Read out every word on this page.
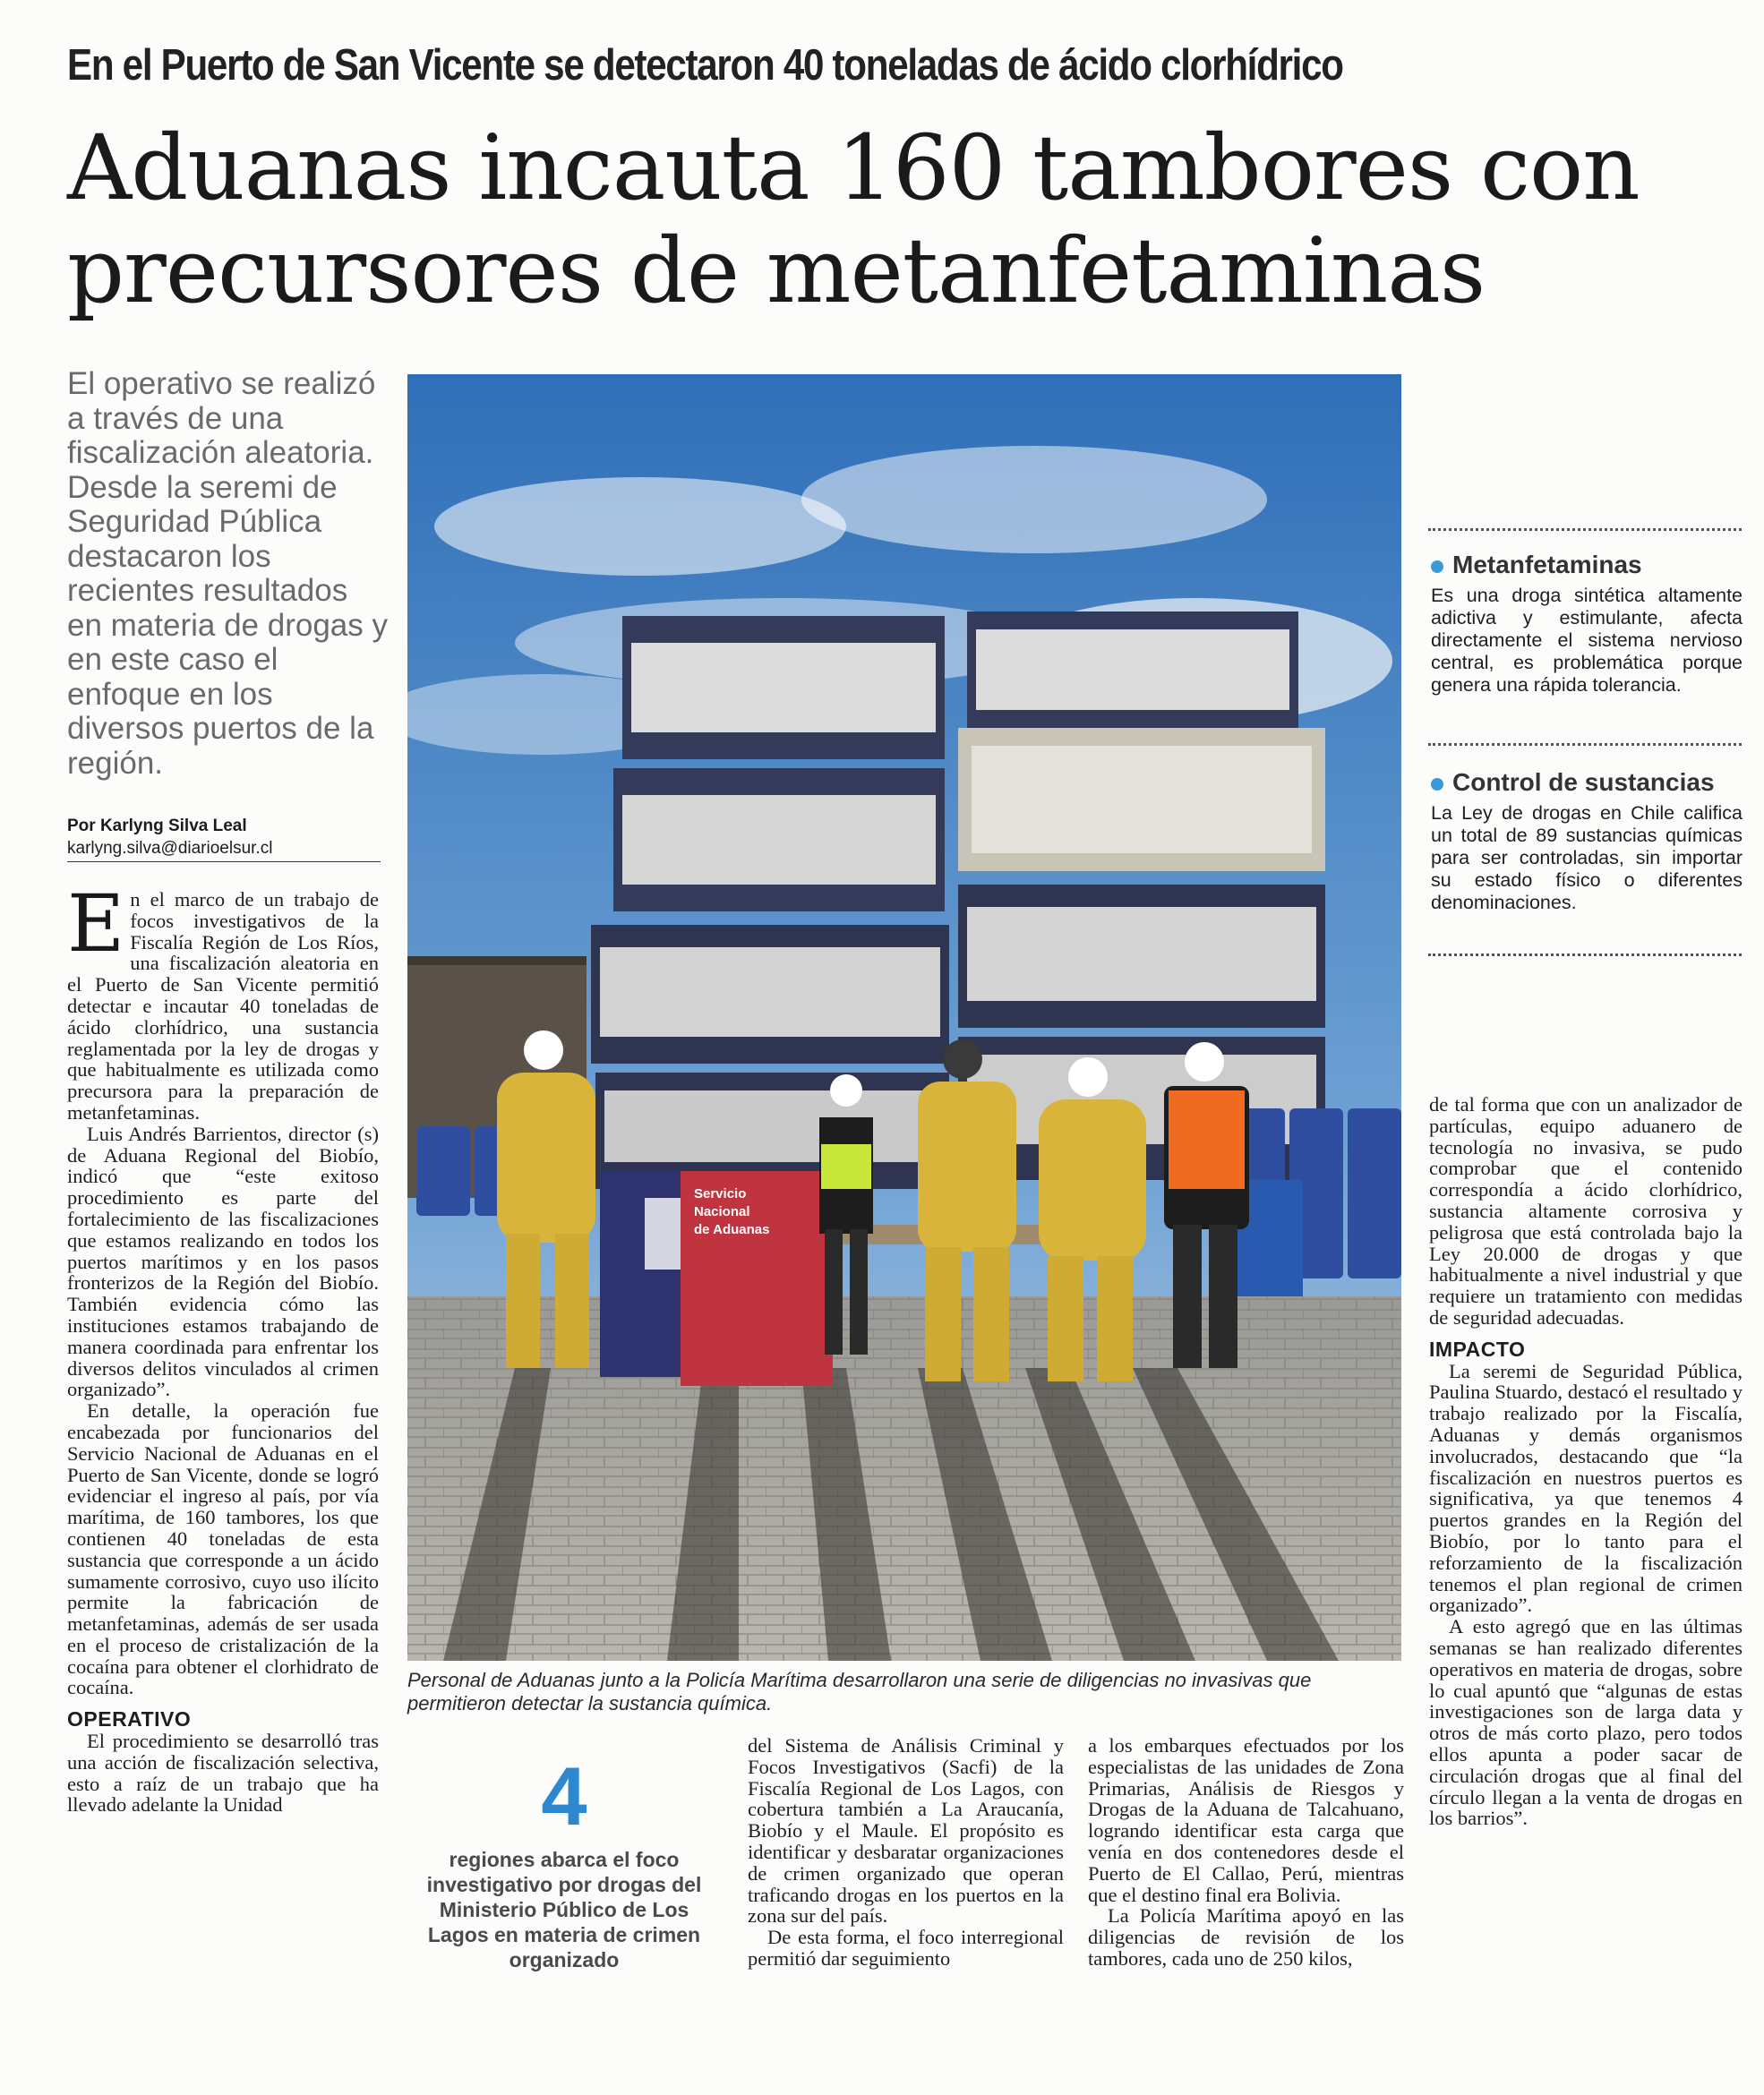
En el Puerto de San Vicente se detectaron 40 toneladas de ácido clorhídrico
Aduanas incauta 160 tambores con
precursores de metanfetaminas
El operativo se realizó a través de una fiscalización aleatoria. Desde la seremi de Seguridad Pública destacaron los recientes resultados en materia de drogas y en este caso el enfoque en los diversos puertos de la región.
Por Karlyng Silva Leal
karlyng.silva@diarioelsur.cl

En el marco de un trabajo de focos investigativos de la Fiscalía Región de Los Ríos, una fiscalización aleatoria en el Puerto de San Vicente permitió detectar e incautar 40 toneladas de ácido clorhídrico, una sustancia reglamentada por la ley de drogas y que habitualmente es utilizada como precursora para la preparación de metanfetaminas.

Luis Andrés Barrientos, director (s) de Aduana Regional del Biobío, indicó que “este exitoso procedimiento es parte del fortalecimiento de las fiscalizaciones que estamos realizando en todos los puertos marítimos y en los pasos fronterizos de la Región del Biobío. También evidencia cómo las instituciones estamos trabajando de manera coordinada para enfrentar los diversos delitos vinculados al crimen organizado”.

En detalle, la operación fue encabezada por funcionarios del Servicio Nacional de Aduanas en el Puerto de San Vicente, donde se logró evidenciar el ingreso al país, por vía marítima, de 160 tambores, los que contienen 40 toneladas de esta sustancia que corresponde a un ácido sumamente corrosivo, cuyo uso ilícito permite la fabricación de metanfetaminas, además de ser usada en el proceso de cristalización de la cocaína para obtener el clorhidrato de cocaína.

OPERATIVO

El procedimiento se desarrolló tras una acción de fiscalización selectiva, esto a raíz de un trabajo que ha llevado adelante la Unidad

Servicio
Nacional
de Aduanas
Personal de Aduanas junto a la Policía Marítima desarrollaron una serie de diligencias no invasivas que permitieron detectar la sustancia química.
4
regiones abarca el foco investigativo por drogas del Ministerio Público de Los Lagos en materia de crimen organizado

del Sistema de Análisis Criminal y Focos Investigativos (Sacfi) de la Fiscalía Regional de Los Lagos, con cobertura también a La Araucanía, Biobío y el Maule. El propósito es identificar y desbaratar organizaciones de crimen organizado que operan traficando drogas en los puertos en la zona sur del país.

De esta forma, el foco interregional permitió dar seguimiento

a los embarques efectuados por los especialistas de las unidades de Zona Primarias, Análisis de Riesgos y Drogas de la Aduana de Talcahuano, logrando identificar esta carga que venía en dos contenedores desde el Puerto de El Callao, Perú, mientras que el destino final era Bolivia.

La Policía Marítima apoyó en las diligencias de revisión de los tambores, cada uno de 250 kilos,

Metanfetaminas
Es una droga sintética altamente adictiva y estimulante, afecta directamente el sistema nervioso central, es problemática porque genera una rápida tolerancia.
Control de sustancias
La Ley de drogas en Chile califica un total de 89 sustancias químicas para ser controladas, sin importar su estado físico o diferentes denominaciones.

de tal forma que con un analizador de partículas, equipo aduanero de tecnología no invasiva, se pudo comprobar que el contenido correspondía a ácido clorhídrico, sustancia altamente corrosiva y peligrosa que está controlada bajo la Ley 20.000 de drogas y que habitualmente a nivel industrial y que requiere un tratamiento con medidas de seguridad adecuadas.

IMPACTO

La seremi de Seguridad Pública, Paulina Stuardo, destacó el resultado y trabajo realizado por la Fiscalía, Aduanas y demás organismos involucrados, destacando que “la fiscalización en nuestros puertos es significativa, ya que tenemos 4 puertos grandes en la Región del Biobío, por lo tanto para el reforzamiento de la fiscalización tenemos el plan regional de crimen organizado”.

A esto agregó que en las últimas semanas se han realizado diferentes operativos en materia de drogas, sobre lo cual apuntó que “algunas de estas investigaciones son de larga data y otros de más corto plazo, pero todos ellos apunta a poder sacar de circulación drogas que al final del círculo llegan a la venta de drogas en los barrios”.
